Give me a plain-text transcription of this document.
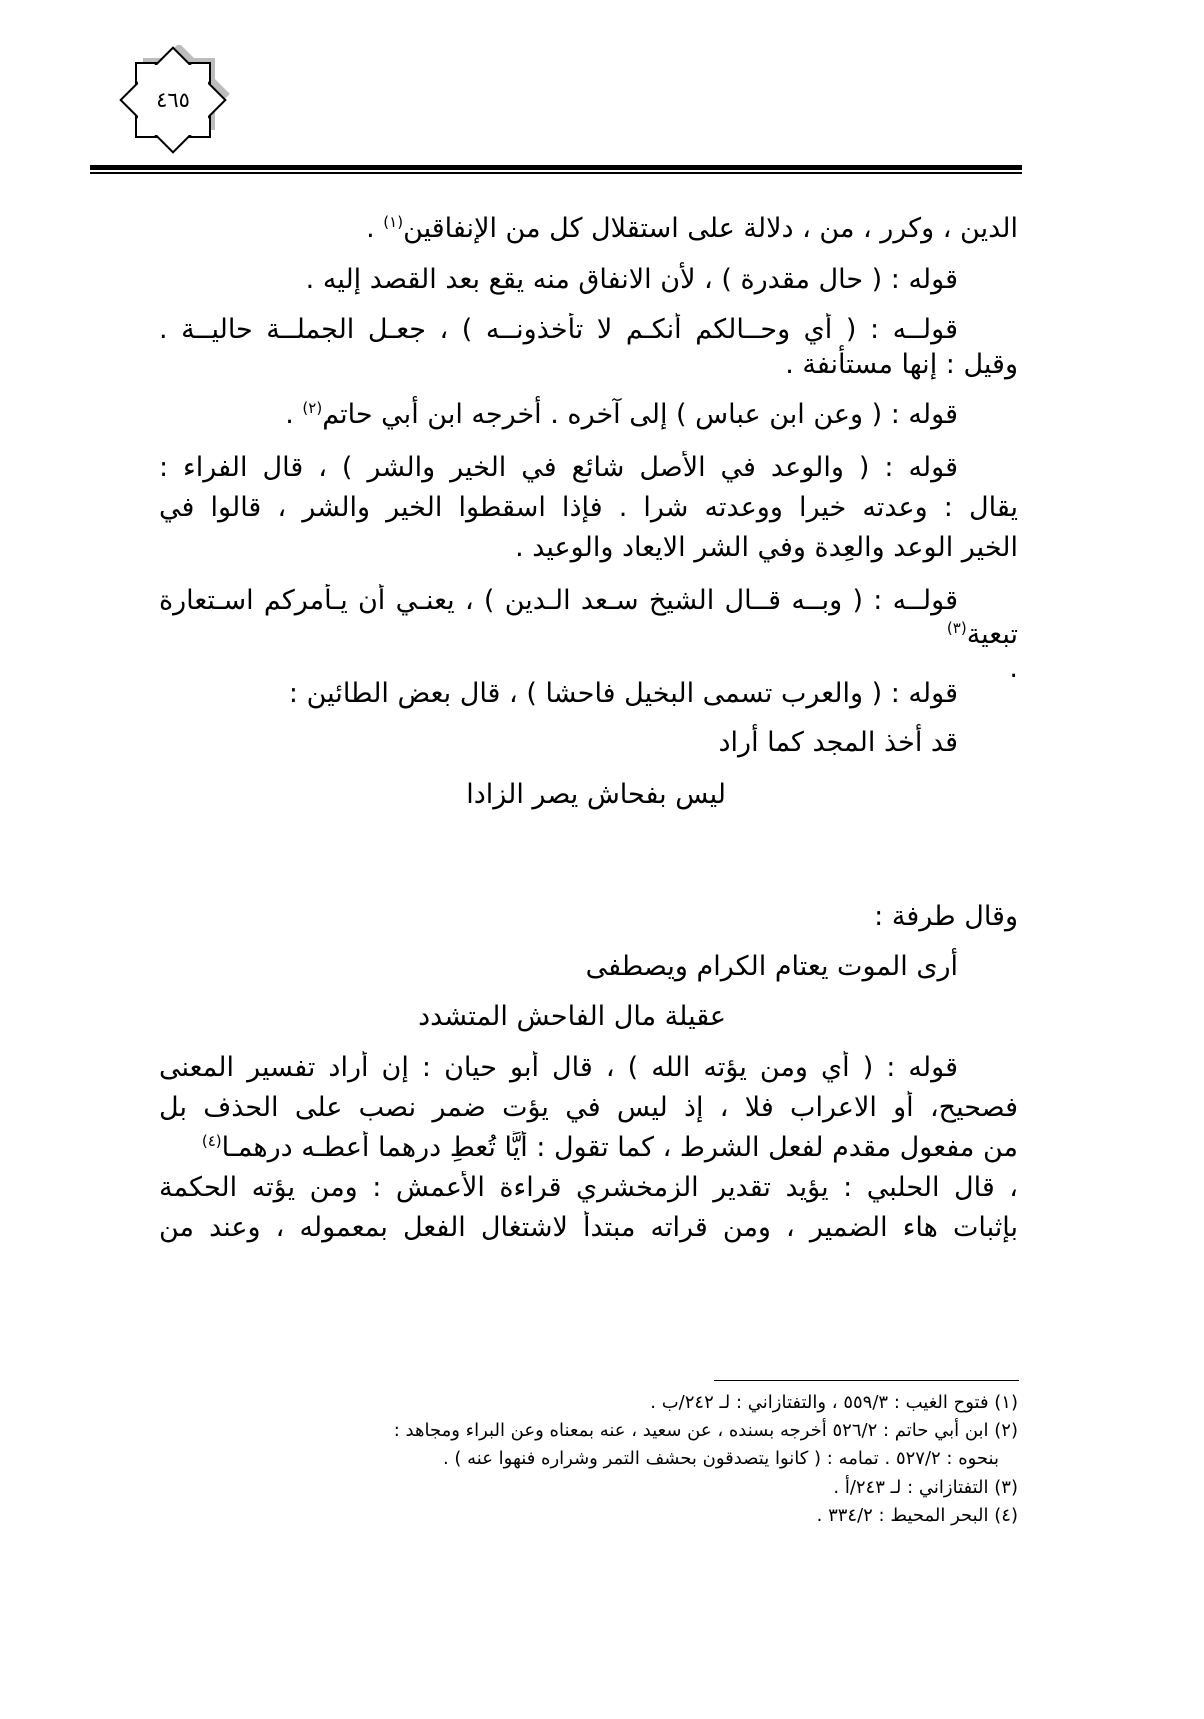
٤٦٥
الدين ، وكرر ، من ، دلالة على استقلال كل من الإنفاقين$^{(١)}$ .
قوله : ( حال مقدرة ) ، لأن الانفاق منه يقع بعد القصد إليه .
قولــه : ( أي وحــالكم أنكـم لا تأخذونــه ) ، جعـل الجملــة حاليــة .
وقيل : إنها مستأنفة .
قوله : ( وعن ابن عباس ) إلى آخره . أخرجه ابن أبي حاتم$^{(٢)}$ .
قوله : ( والوعد في الأصل شائع في الخير والشر ) ، قال الفراء :
يقال : وعدته خيرا ووعدته شرا . فإذا اسقطوا الخير والشر ، قالوا في
الخير الوعد والعِدة وفي الشر الايعاد والوعيد .
قولــه : ( وبــه قــال الشيخ سـعد الـدين ) ، يعنـي أن يـأمركم اسـتعارة
تبعية$^{(٣)}$
.
قوله : ( والعرب تسمى البخيل فاحشا ) ، قال بعض الطائين :
قد أخذ المجد كما أراد
ليس بفحاش يصر الزادا
وقال طرفة :
أرى الموت يعتام الكرام ويصطفى
عقيلة مال الفاحش المتشدد
قوله : ( أي ومن يؤته الله ) ، قال أبو حيان : إن أراد تفسير المعنى
فصحيح، أو الاعراب فلا ، إذ ليس في يؤت ضمر نصب على الحذف بل
من مفعول مقدم لفعل الشرط ، كما تقول : أيًّا تُعطِ درهما أعطـه درهمـا$^{(٤)}$
، قال الحلبي : يؤيد تقدير الزمخشري قراءة الأعمش : ومن يؤته الحكمة
بإثبات هاء الضمير ، ومن قراته مبتدأ لاشتغال الفعل بمعموله ، وعند من
(١) فتوح الغيب : ٥٥٩/٣ ، والتفتازاني : لـ ٢٤٢/ب .
(٢) ابن أبي حاتم : ٥٢٦/٢ أخرجه بسنده ، عن سعيد ، عنه بمعناه وعن البراء ومجاهد :
بنحوه : ٥٢٧/٢ . تمامه : ( كانوا يتصدقون بحشف التمر وشراره فنهوا عنه ) .
(٣) التفتازاني : لـ ٢٤٣/أ .
(٤) البحر المحيط : ٣٣٤/٢ .
